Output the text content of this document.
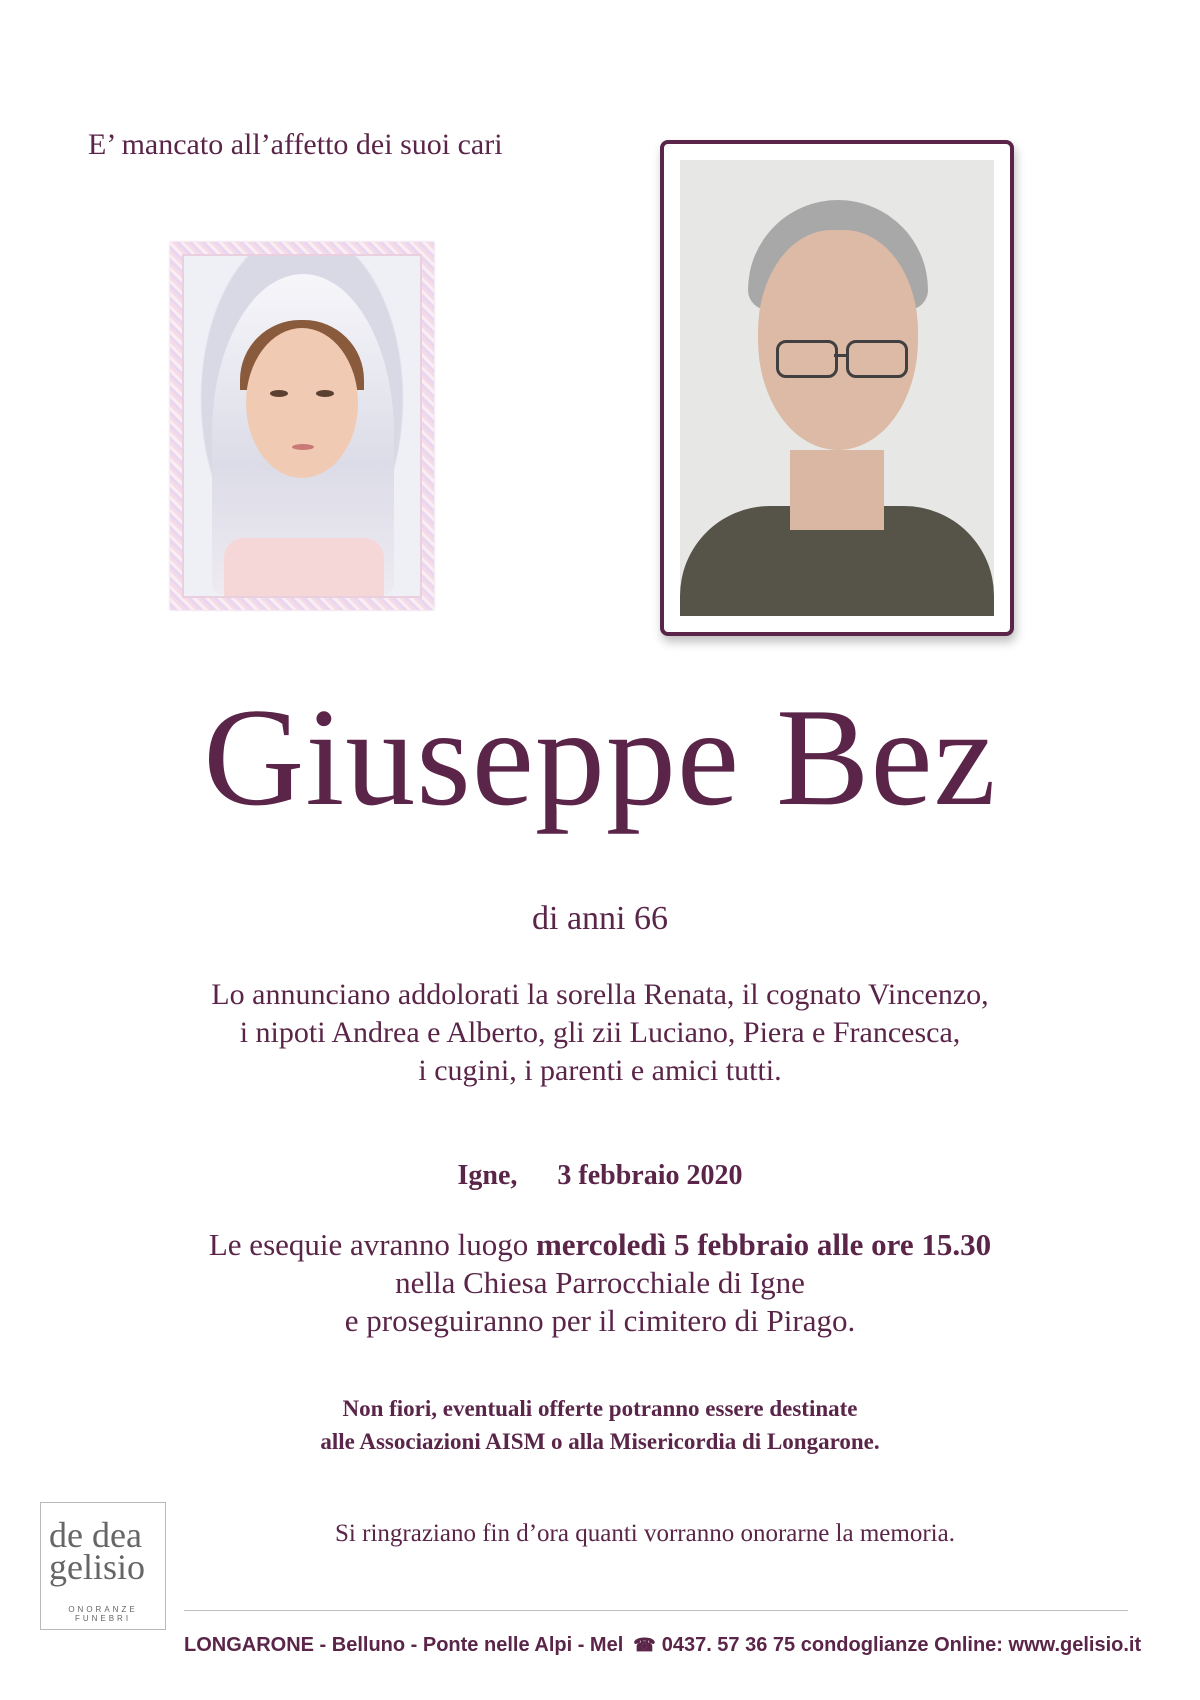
E’ mancato all’affetto dei suoi cari
Giuseppe Bez
di anni 66
Lo annunciano addolorati la sorella Renata, il cognato Vincenzo,
i nipoti Andrea e Alberto, gli zii Luciano, Piera e Francesca,
i cugini, i parenti e amici tutti.
Igne, 3 febbraio 2020
Le esequie avranno luogo mercoledì 5 febbraio alle ore 15.30
nella Chiesa Parrocchiale di Igne
e proseguiranno per il cimitero di Pirago.
Non fiori, eventuali offerte potranno essere destinate
alle Associazioni AISM o alla Misericordia di Longarone.
Si ringraziano fin d’ora quanti vorranno onorarne la memoria.
de dea
gelisio
ONORANZE FUNEBRI
LONGARONE - Belluno - Ponte nelle Alpi - Mel ☎ 0437. 57 36 75 condoglianze Online: www.gelisio.it
